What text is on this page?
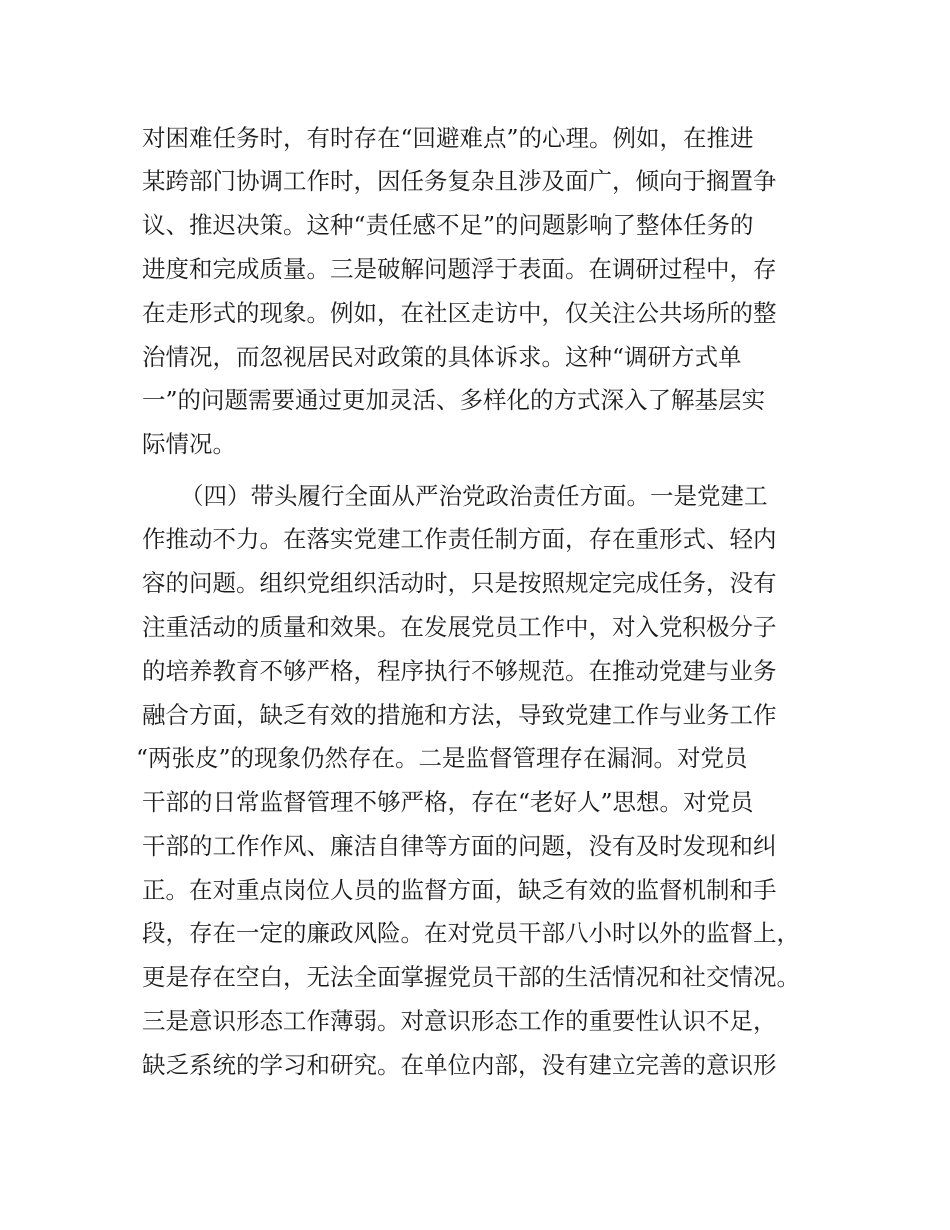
对困难任务时，有时存在“回避难点”的心理。例如，在推进
某跨部门协调工作时，因任务复杂且涉及面广，倾向于搁置争
议、推迟决策。这种“责任感不足”的问题影响了整体任务的
进度和完成质量。三是破解问题浮于表面。在调研过程中，存
在走形式的现象。例如，在社区走访中，仅关注公共场所的整
治情况，而忽视居民对政策的具体诉求。这种“调研方式单
一”的问题需要通过更加灵活、多样化的方式深入了解基层实
际情况。
（四）带头履行全面从严治党政治责任方面。一是党建工
作推动不力。在落实党建工作责任制方面，存在重形式、轻内
容的问题。组织党组织活动时，只是按照规定完成任务，没有
注重活动的质量和效果。在发展党员工作中，对入党积极分子
的培养教育不够严格，程序执行不够规范。在推动党建与业务
融合方面，缺乏有效的措施和方法，导致党建工作与业务工作
“两张皮”的现象仍然存在。二是监督管理存在漏洞。对党员
干部的日常监督管理不够严格，存在“老好人”思想。对党员
干部的工作作风、廉洁自律等方面的问题，没有及时发现和纠
正。在对重点岗位人员的监督方面，缺乏有效的监督机制和手
段，存在一定的廉政风险。在对党员干部八小时以外的监督上，
更是存在空白，无法全面掌握党员干部的生活情况和社交情况。
三是意识形态工作薄弱。对意识形态工作的重要性认识不足，
缺乏系统的学习和研究。在单位内部，没有建立完善的意识形
